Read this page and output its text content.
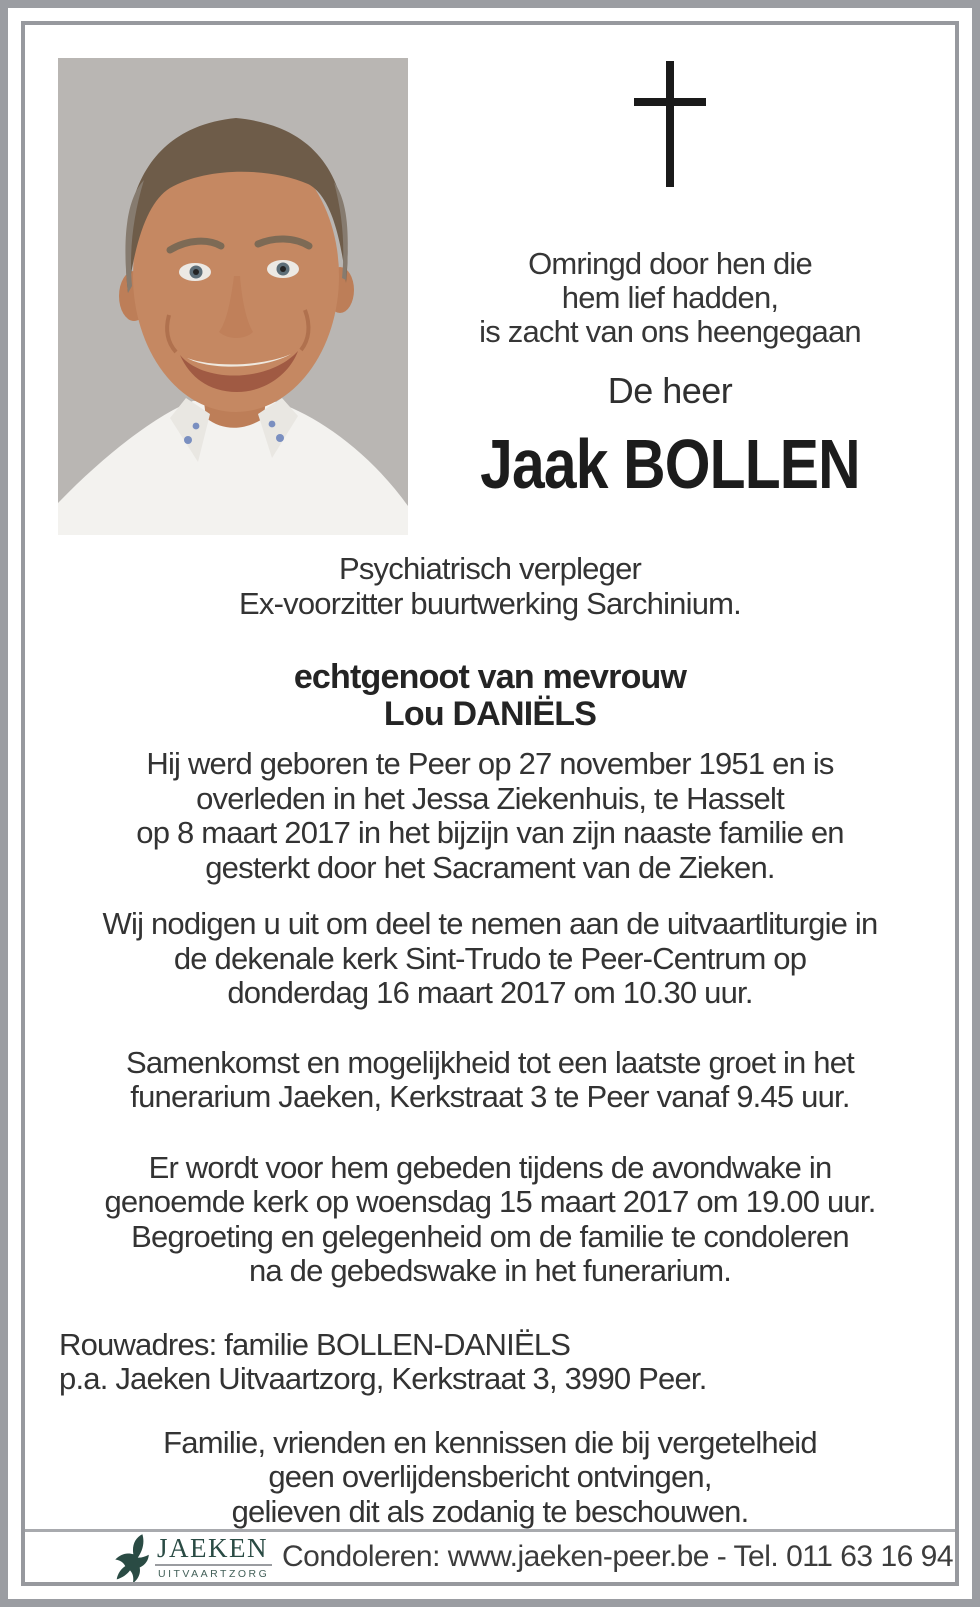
Omringd door hen die
hem lief hadden,
is zacht van ons heengegaan
De heer
Jaak BOLLEN
Psychiatrisch verpleger
Ex-voorzitter buurtwerking Sarchinium.
echtgenoot van mevrouw
Lou DANIËLS
Hij werd geboren te Peer op 27 november 1951 en is
overleden in het Jessa Ziekenhuis, te Hasselt
op 8 maart 2017 in het bijzijn van zijn naaste familie en
gesterkt door het Sacrament van de Zieken.
Wij nodigen u uit om deel te nemen aan de uitvaartliturgie in
de dekenale kerk Sint-Trudo te Peer-Centrum op
donderdag 16 maart 2017 om 10.30 uur.
Samenkomst en mogelijkheid tot een laatste groet in het
funerarium Jaeken, Kerkstraat 3 te Peer vanaf 9.45 uur.
Er wordt voor hem gebeden tijdens de avondwake in
genoemde kerk op woensdag 15 maart 2017 om 19.00 uur.
Begroeting en gelegenheid om de familie te condoleren
na de gebedswake in het funerarium.
Rouwadres: familie BOLLEN-DANIËLS
p.a. Jaeken Uitvaartzorg, Kerkstraat 3, 3990 Peer.
Familie, vrienden en kennissen die bij vergetelheid
geen overlijdensbericht ontvingen,
gelieven dit als zodanig te beschouwen.
JAEKEN
UITVAARTZORG
Condoleren: www.jaeken-peer.be - Tel. 011 63 16 94
